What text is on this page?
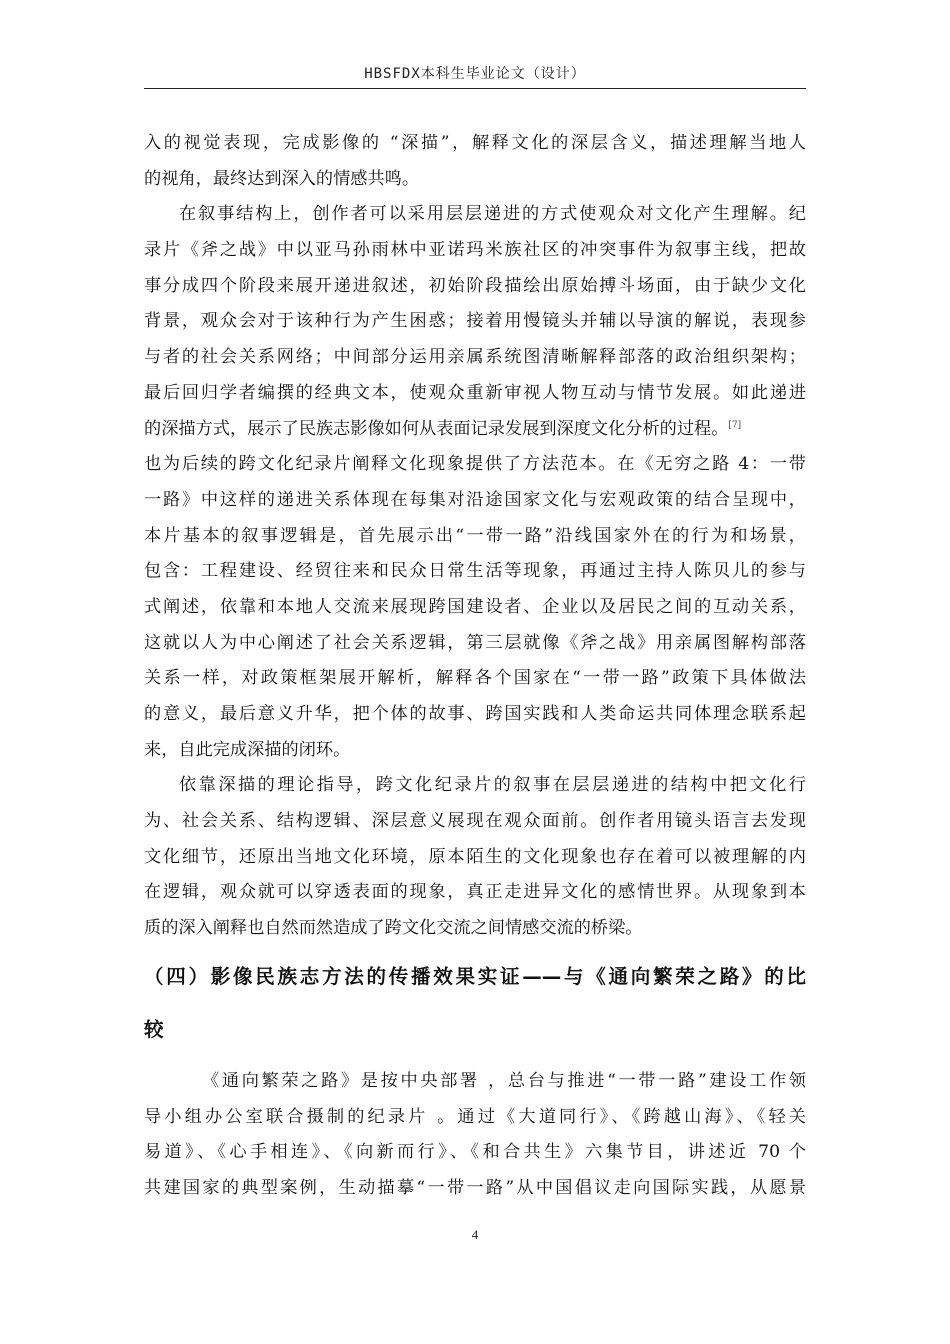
HBSFDX本科生毕业论文（设计）
入的视觉表现，完成影像的 “深描”，解释文化的深层含义，描述理解当地人
的视角，最终达到深入的情感共鸣。
在叙事结构上，创作者可以采用层层递进的方式使观众对文化产生理解。纪
录片《斧之战》中以亚马孙雨林中亚诺玛米族社区的冲突事件为叙事主线，把故
事分成四个阶段来展开递进叙述，初始阶段描绘出原始搏斗场面，由于缺少文化
背景，观众会对于该种行为产生困惑；接着用慢镜头并辅以导演的解说，表现参
与者的社会关系网络；中间部分运用亲属系统图清晰解释部落的政治组织架构；
最后回归学者编撰的经典文本，使观众重新审视人物互动与情节发展。如此递进
的深描方式，展示了民族志影像如何从表面记录发展到深度文化分析的过程。[7]
也为后续的跨文化纪录片阐释文化现象提供了方法范本。在《无穷之路 4：一带
一路》中这样的递进关系体现在每集对沿途国家文化与宏观政策的结合呈现中，
本片基本的叙事逻辑是，首先展示出“一带一路”沿线国家外在的行为和场景，
包含：工程建设、经贸往来和民众日常生活等现象，再通过主持人陈贝儿的参与
式阐述，依靠和本地人交流来展现跨国建设者、企业以及居民之间的互动关系，
这就以人为中心阐述了社会关系逻辑，第三层就像《斧之战》用亲属图解构部落
关系一样，对政策框架展开解析，解释各个国家在“一带一路”政策下具体做法
的意义，最后意义升华，把个体的故事、跨国实践和人类命运共同体理念联系起
来，自此完成深描的闭环。
依靠深描的理论指导，跨文化纪录片的叙事在层层递进的结构中把文化行
为、社会关系、结构逻辑、深层意义展现在观众面前。创作者用镜头语言去发现
文化细节，还原出当地文化环境，原本陌生的文化现象也存在着可以被理解的内
在逻辑，观众就可以穿透表面的现象，真正走进异文化的感情世界。从现象到本
质的深入阐释也自然而然造成了跨文化交流之间情感交流的桥梁。
（四）影像民族志方法的传播效果实证——与《通向繁荣之路》的比
较
《通向繁荣之路》是按中央部署 ，总台与推进“一带一路”建设工作领
导小组办公室联合摄制的纪录片 。通过《大道同行》、《跨越山海》、《轻关
易道》、《心手相连》、《向新而行》、《和合共生》六集节目，讲述近 70 个
共建国家的典型案例，生动描摹“一带一路”从中国倡议走向国际实践，从愿景
4
